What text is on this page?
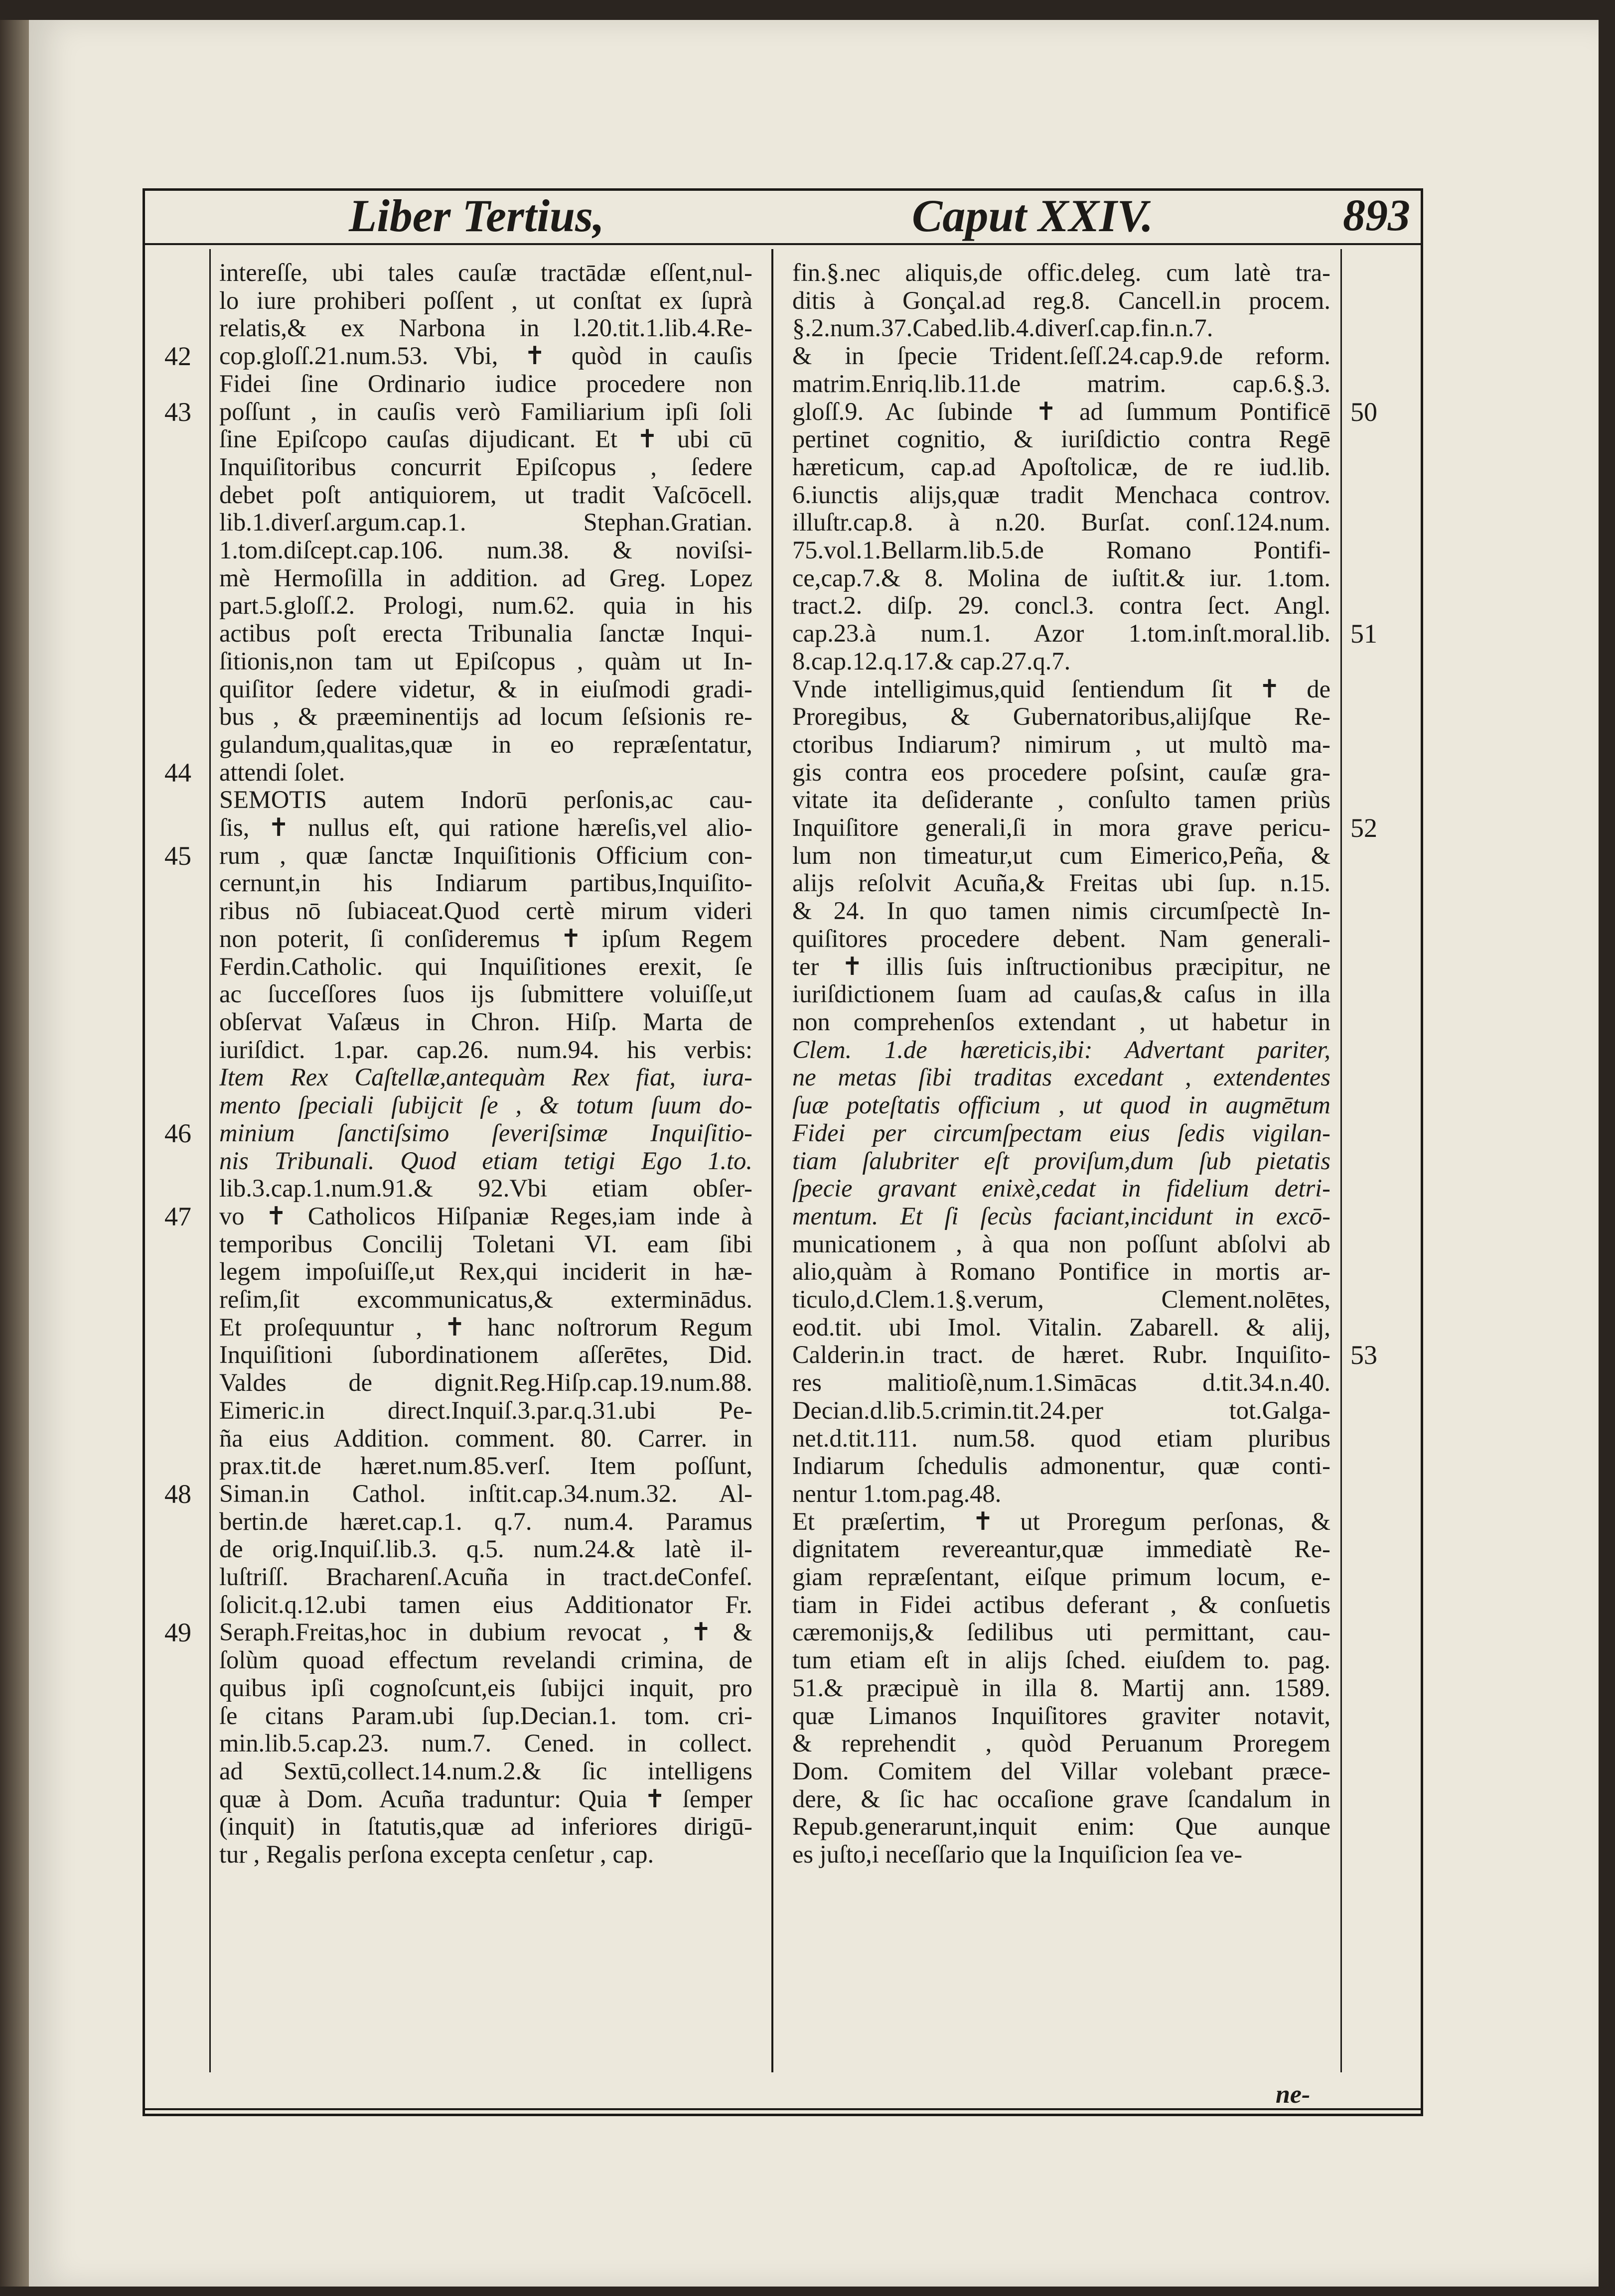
Liber Tertius,	Caput XXIV.	893
intereſſe, ubi tales cauſæ tractādæ eſſent,nul-
lo iure prohiberi poſſent , ut conſtat ex ſuprà
relatis,& ex Narbona in l.20.tit.1.lib.4.Re-
cop.gloſſ.21.num.53. Vbi, ✝ quòd in cauſis
Fidei ſine Ordinario iudice procedere non
poſſunt , in cauſis verò Familiarium ipſi ſoli
ſine Epiſcopo cauſas dijudicant. Et ✝ ubi cū
Inquiſitoribus concurrit Epiſcopus , ſedere
debet poſt antiquiorem, ut tradit Vaſcōcell.
lib.1.diverſ.argum.cap.1. Stephan.Gratian.
1.tom.diſcept.cap.106. num.38. & noviſsi-
mè Hermoſilla in addition. ad Greg. Lopez
part.5.gloſſ.2. Prologi, num.62. quia in his
actibus poſt erecta Tribunalia ſanctæ Inqui-
ſitionis,non tam ut Epiſcopus , quàm ut In-
quiſitor ſedere videtur, & in eiuſmodi gradi-
bus , & præeminentijs ad locum ſeſsionis re-
gulandum,qualitas,quæ in eo repræſentatur,
attendi ſolet.
SEMOTIS autem Indorū perſonis,ac cau-
ſis, ✝ nullus eſt, qui ratione hæreſis,vel alio-
rum , quæ ſanctæ Inquiſitionis Officium con-
cernunt,in his Indiarum partibus,Inquiſito-
ribus nō ſubiaceat.Quod certè mirum videri
non poterit, ſi conſideremus ✝ ipſum Regem
Ferdin.Catholic. qui Inquiſitiones erexit, ſe
ac ſucceſſores ſuos ijs ſubmittere voluiſſe,ut
obſervat Vaſæus in Chron. Hiſp. Marta de
iuriſdict. 1.par. cap.26. num.94. his verbis:
Item Rex Caſtellæ,antequàm Rex fiat, iura-
mento ſpeciali ſubijcit ſe , & totum ſuum do-
minium ſanctiſsimo ſeveriſsimæ Inquiſitio-
nis Tribunali. Quod etiam tetigi Ego 1.to.
lib.3.cap.1.num.91.& 92.Vbi etiam obſer-
vo ✝ Catholicos Hiſpaniæ Reges,iam inde à
temporibus Concilij Toletani VI. eam ſibi
legem impoſuiſſe,ut Rex,qui inciderit in hæ-
reſim,ſit excommunicatus,& exterminādus.
Et proſequuntur , ✝ hanc noſtrorum Regum
Inquiſitioni ſubordinationem aſſerētes, Did.
Valdes de dignit.Reg.Hiſp.cap.19.num.88.
Eimeric.in direct.Inquiſ.3.par.q.31.ubi Pe-
ña eius Addition. comment. 80. Carrer. in
prax.tit.de hæret.num.85.verſ. Item poſſunt,
Siman.in Cathol. inſtit.cap.34.num.32. Al-
bertin.de hæret.cap.1. q.7. num.4. Paramus
de orig.Inquiſ.lib.3. q.5. num.24.& latè il-
luſtriſſ. Bracharenſ.Acuña in tract.deConfeſ.
ſolicit.q.12.ubi tamen eius Additionator Fr.
Seraph.Freitas,hoc in dubium revocat , ✝ &
ſolùm quoad effectum revelandi crimina, de
quibus ipſi cognoſcunt,eis ſubijci inquit, pro
ſe citans Param.ubi ſup.Decian.1. tom. cri-
min.lib.5.cap.23. num.7. Cened. in collect.
ad Sextū,collect.14.num.2.& ſic intelligens
quæ à Dom. Acuña traduntur: Quia ✝ ſemper
(inquit) in ſtatutis,quæ ad inferiores dirigū-
tur , Regalis perſona excepta cenſetur , cap.
fin.§.nec aliquis,de offic.deleg. cum latè tra-
ditis à Gonçal.ad reg.8. Cancell.in procem.
§.2.num.37.Cabed.lib.4.diverſ.cap.fin.n.7.
& in ſpecie Trident.ſeſſ.24.cap.9.de reform.
matrim.Enriq.lib.11.de matrim. cap.6.§.3.
gloſſ.9. Ac ſubinde ✝ ad ſummum Pontificē
pertinet cognitio, & iuriſdictio contra Regē
hæreticum, cap.ad Apoſtolicæ, de re iud.lib.
6.iunctis alijs,quæ tradit Menchaca controv.
illuſtr.cap.8. à n.20. Burſat. conſ.124.num.
75.vol.1.Bellarm.lib.5.de Romano Pontifi-
ce,cap.7.& 8. Molina de iuſtit.& iur. 1.tom.
tract.2. diſp. 29. concl.3. contra ſect. Angl.
cap.23.à num.1. Azor 1.tom.inſt.moral.lib.
8.cap.12.q.17.& cap.27.q.7.
Vnde intelligimus,quid ſentiendum ſit ✝ de
Proregibus, & Gubernatoribus,alijſque Re-
ctoribus Indiarum? nimirum , ut multò ma-
gis contra eos procedere poſsint, cauſæ gra-
vitate ita deſiderante , conſulto tamen priùs
Inquiſitore generali,ſi in mora grave pericu-
lum non timeatur,ut cum Eimerico,Peña, &
alijs reſolvit Acuña,& Freitas ubi ſup. n.15.
& 24. In quo tamen nimis circumſpectè In-
quiſitores procedere debent. Nam generali-
ter ✝ illis ſuis inſtructionibus præcipitur, ne
iuriſdictionem ſuam ad cauſas,& caſus in illa
non comprehenſos extendant , ut habetur in
Clem. 1.de hæreticis,ibi: Advertant pariter,
ne metas ſibi traditas excedant , extendentes
ſuæ poteſtatis officium , ut quod in augmētum
Fidei per circumſpectam eius ſedis vigilan-
tiam ſalubriter eſt proviſum,dum ſub pietatis
ſpecie gravant enixè,cedat in fidelium detri-
mentum. Et ſi ſecùs faciant,incidunt in excō-
municationem , à qua non poſſunt abſolvi ab
alio,quàm à Romano Pontifice in mortis ar-
ticulo,d.Clem.1.§.verum, Clement.nolētes,
eod.tit. ubi Imol. Vitalin. Zabarell. & alij,
Calderin.in tract. de hæret. Rubr. Inquiſito-
res malitioſè,num.1.Simācas d.tit.34.n.40.
Decian.d.lib.5.crimin.tit.24.per tot.Galga-
net.d.tit.111. num.58. quod etiam pluribus
Indiarum ſchedulis admonentur, quæ conti-
nentur 1.tom.pag.48.
Et præſertim, ✝ ut Proregum perſonas, &
dignitatem revereantur,quæ immediatè Re-
giam repræſentant, eiſque primum locum, e-
tiam in Fidei actibus deferant , & conſuetis
cæremonijs,& ſedilibus uti permittant, cau-
tum etiam eſt in alijs ſched. eiuſdem to. pag.
51.& præcipuè in illa 8. Martij ann. 1589.
quæ Limanos Inquiſitores graviter notavit,
& reprehendit , quòd Peruanum Proregem
Dom. Comitem del Villar volebant præce-
dere, & ſic hac occaſione grave ſcandalum in
Repub.generarunt,inquit enim: Que aunque
es juſto,i neceſſario que la Inquiſicion ſea ve-
42
43
44
45
46
47
48
49
50
51
52
53
ne-
